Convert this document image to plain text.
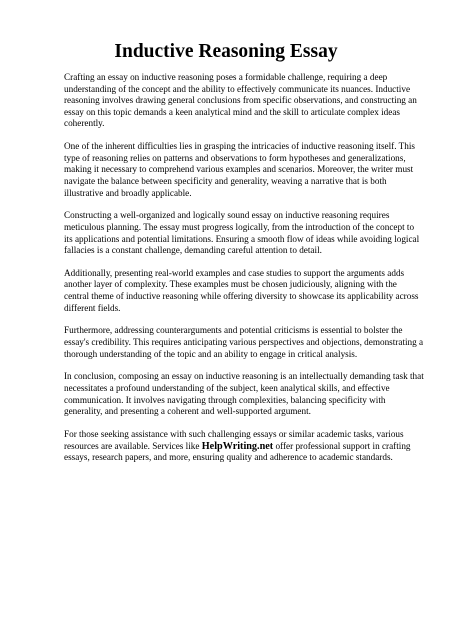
Inductive Reasoning Essay

Crafting an essay on inductive reasoning poses a formidable challenge, requiring a deep understanding of the concept and the ability to effectively communicate its nuances. Inductive reasoning involves drawing general conclusions from specific observations, and constructing an essay on this topic demands a keen analytical mind and the skill to articulate complex ideas coherently.

One of the inherent difficulties lies in grasping the intricacies of inductive reasoning itself. This type of reasoning relies on patterns and observations to form hypotheses and generalizations, making it necessary to comprehend various examples and scenarios. Moreover, the writer must navigate the balance between specificity and generality, weaving a narrative that is both illustrative and broadly applicable.

Constructing a well-organized and logically sound essay on inductive reasoning requires meticulous planning. The essay must progress logically, from the introduction of the concept to its applications and potential limitations. Ensuring a smooth flow of ideas while avoiding logical fallacies is a constant challenge, demanding careful attention to detail.

Additionally, presenting real-world examples and case studies to support the arguments adds another layer of complexity. These examples must be chosen judiciously, aligning with the central theme of inductive reasoning while offering diversity to showcase its applicability across different fields.

Furthermore, addressing counterarguments and potential criticisms is essential to bolster the essay's credibility. This requires anticipating various perspectives and objections, demonstrating a thorough understanding of the topic and an ability to engage in critical analysis.

In conclusion, composing an essay on inductive reasoning is an intellectually demanding task that necessitates a profound understanding of the subject, keen analytical skills, and effective communication. It involves navigating through complexities, balancing specificity with generality, and presenting a coherent and well-supported argument.

For those seeking assistance with such challenging essays or similar academic tasks, various resources are available. Services like HelpWriting.net offer professional support in crafting essays, research papers, and more, ensuring quality and adherence to academic standards.
